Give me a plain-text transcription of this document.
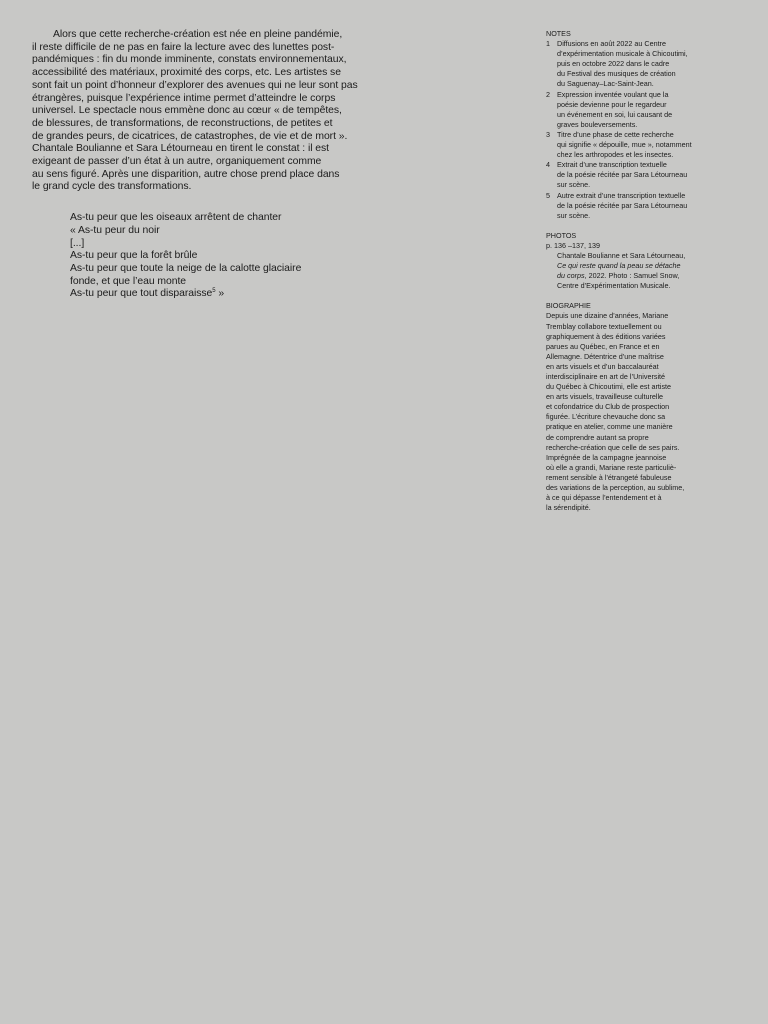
Alors que cette recherche-création est née en pleine pandémie,
il reste difficile de ne pas en faire la lecture avec des lunettes post-
pandémiques : fin du monde imminente, constats environnementaux,
accessibilité des matériaux, proximité des corps, etc. Les artistes se
sont fait un point d’honneur d’explorer des avenues qui ne leur sont pas
étrangères, puisque l’expérience intime permet d’atteindre le corps
universel. Le spectacle nous emmène donc au cœur « de tempêtes,
de blessures, de transformations, de reconstructions, de petites et
de grandes peurs, de cicatrices, de catastrophes, de vie et de mort ».
Chantale Boulianne et Sara Létourneau en tirent le constat : il est
exigeant de passer d’un état à un autre, organiquement comme
au sens figuré. Après une disparition, autre chose prend place dans
le grand cycle des transformations.

As-tu peur que les oiseaux arrêtent de chanter
« As-tu peur du noir
[...]
As-tu peur que la forêt brûle
As-tu peur que toute la neige de la calotte glaciaire
fonde, et que l’eau monte
As-tu peur que tout disparaisse$^5$ »

NOTES
1 Diffusions en août 2022 au Centre
d’expérimentation musicale à Chicoutimi,
puis en octobre 2022 dans le cadre
du Festival des musiques de création
du Saguenay–Lac-Saint-Jean.
2 Expression inventée voulant que la
poésie devienne pour le regardeur
un événement en soi, lui causant de
graves bouleversements.
3 Titre d’une phase de cette recherche
qui signifie « dépouille, mue », notamment
chez les arthropodes et les insectes.
4 Extrait d’une transcription textuelle
de la poésie récitée par Sara Létourneau
sur scène.
5 Autre extrait d’une transcription textuelle
de la poésie récitée par Sara Létourneau
sur scène.
PHOTOS
p. 136 –137, 139
Chantale Boulianne et Sara Létourneau,
Ce qui reste quand la peau se détache
du corps, 2022. Photo : Samuel Snow,
Centre d’Expérimentation Musicale.
BIOGRAPHIE
Depuis une dizaine d’années, Mariane
Tremblay collabore textuellement ou
graphiquement à des éditions variées
parues au Québec, en France et en
Allemagne. Détentrice d’une maîtrise
en arts visuels et d’un baccalauréat
interdisciplinaire en art de l’Université
du Québec à Chicoutimi, elle est artiste
en arts visuels, travailleuse culturelle
et cofondatrice du Club de prospection
figurée. L’écriture chevauche donc sa
pratique en atelier, comme une manière
de comprendre autant sa propre
recherche-création que celle de ses pairs.
Imprégnée de la campagne jeannoise
où elle a grandi, Mariane reste particuliè-
rement sensible à l’étrangeté fabuleuse
des variations de la perception, au sublime,
à ce qui dépasse l’entendement et à
la sérendipité.
